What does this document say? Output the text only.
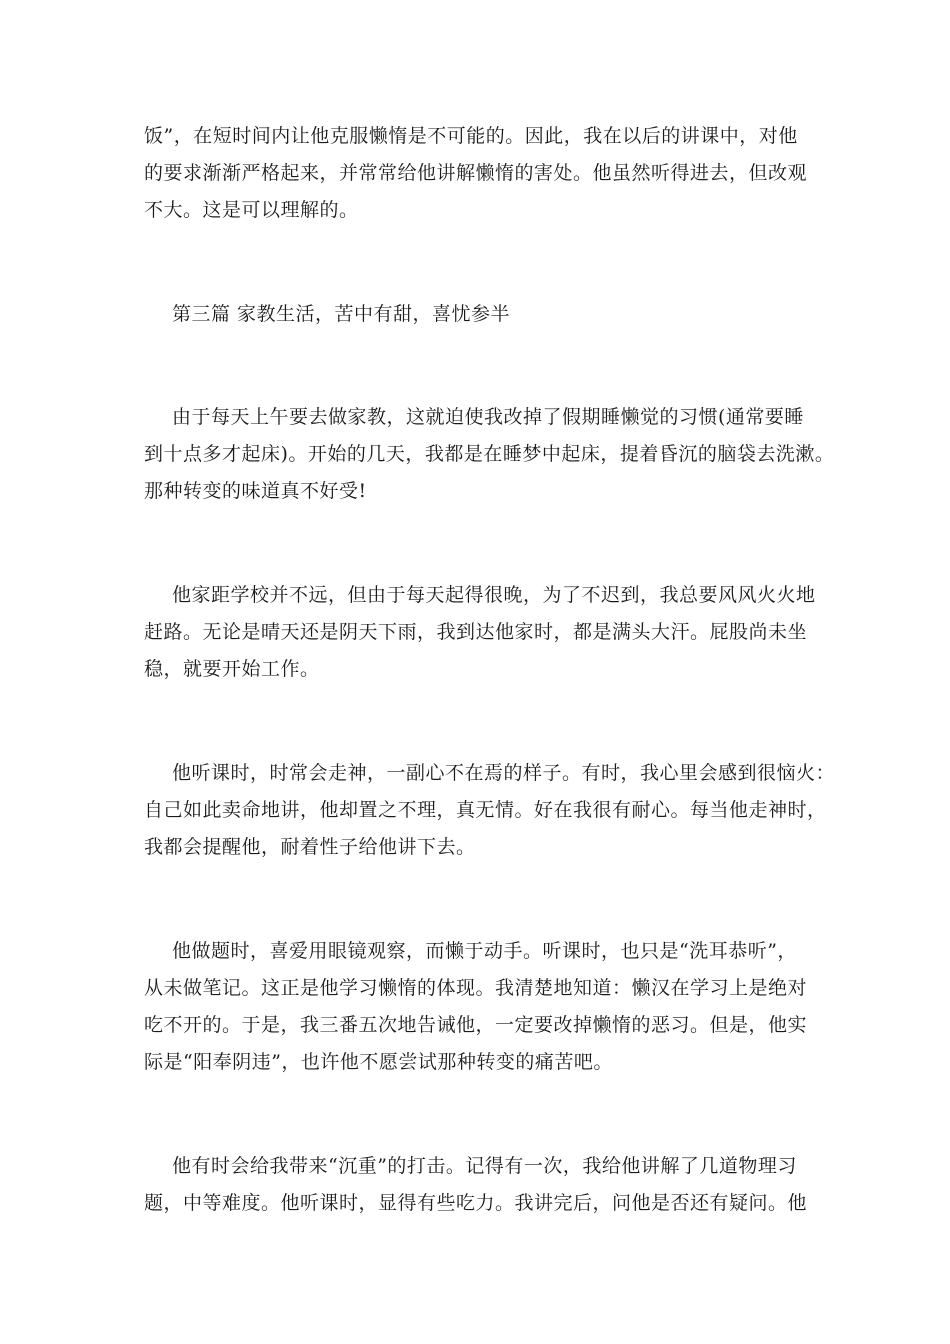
饭”，在短时间内让他克服懒惰是不可能的。因此，我在以后的讲课中，对他
的要求渐渐严格起来，并常常给他讲解懒惰的害处。他虽然听得进去，但改观
不大。这是可以理解的。
第三篇 家教生活，苦中有甜，喜忧参半
由于每天上午要去做家教，这就迫使我改掉了假期睡懒觉的习惯(通常要睡
到十点多才起床)。开始的几天，我都是在睡梦中起床，提着昏沉的脑袋去洗漱。
那种转变的味道真不好受!
他家距学校并不远，但由于每天起得很晚，为了不迟到，我总要风风火火地
赶路。无论是晴天还是阴天下雨，我到达他家时，都是满头大汗。屁股尚未坐
稳，就要开始工作。
他听课时，时常会走神，一副心不在焉的样子。有时，我心里会感到很恼火：
自己如此卖命地讲，他却置之不理，真无情。好在我很有耐心。每当他走神时，
我都会提醒他，耐着性子给他讲下去。
他做题时，喜爱用眼镜观察，而懒于动手。听课时，也只是“洗耳恭听”，
从未做笔记。这正是他学习懒惰的体现。我清楚地知道：懒汉在学习上是绝对
吃不开的。于是，我三番五次地告诫他，一定要改掉懒惰的恶习。但是，他实
际是“阳奉阴违”，也许他不愿尝试那种转变的痛苦吧。
他有时会给我带来“沉重”的打击。记得有一次，我给他讲解了几道物理习
题，中等难度。他听课时，显得有些吃力。我讲完后，问他是否还有疑问。他
